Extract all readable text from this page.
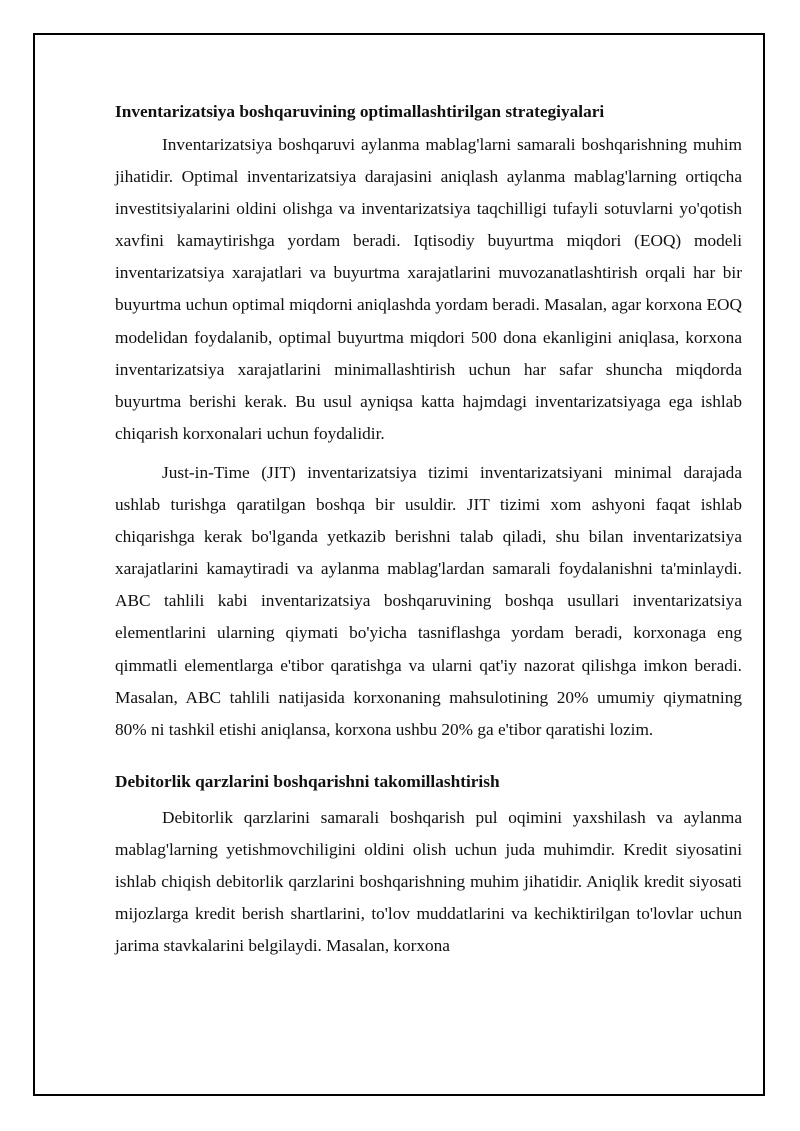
Inventarizatsiya boshqaruvining optimallashtirilgan strategiyalari

Inventarizatsiya boshqaruvi aylanma mablag'larni samarali boshqarishning muhim jihatidir. Optimal inventarizatsiya darajasini aniqlash aylanma mablag'larning ortiqcha investitsiyalarini oldini olishga va inventarizatsiya taqchilligi tufayli sotuvlarni yo'qotish xavfini kamaytirishga yordam beradi. Iqtisodiy buyurtma miqdori (EOQ) modeli inventarizatsiya xarajatlari va buyurtma xarajatlarini muvozanatlashtirish orqali har bir buyurtma uchun optimal miqdorni aniqlashda yordam beradi. Masalan, agar korxona EOQ modelidan foydalanib, optimal buyurtma miqdori 500 dona ekanligini aniqlasa, korxona inventarizatsiya xarajatlarini minimallashtirish uchun har safar shuncha miqdorda buyurtma berishi kerak. Bu usul ayniqsa katta hajmdagi inventarizatsiyaga ega ishlab chiqarish korxonalari uchun foydalidir.

Just-in-Time (JIT) inventarizatsiya tizimi inventarizatsiyani minimal darajada ushlab turishga qaratilgan boshqa bir usuldir. JIT tizimi xom ashyoni faqat ishlab chiqarishga kerak bo'lganda yetkazib berishni talab qiladi, shu bilan inventarizatsiya xarajatlarini kamaytiradi va aylanma mablag'lardan samarali foydalanishni ta'minlaydi. ABC tahlili kabi inventarizatsiya boshqaruvining boshqa usullari inventarizatsiya elementlarini ularning qiymati bo'yicha tasniflashga yordam beradi, korxonaga eng qimmatli elementlarga e'tibor qaratishga va ularni qat'iy nazorat qilishga imkon beradi. Masalan, ABC tahlili natijasida korxonaning mahsulotining 20% umumiy qiymatning 80% ni tashkil etishi aniqlansa, korxona ushbu 20% ga e'tibor qaratishi lozim.

Debitorlik qarzlarini boshqarishni takomillashtirish

Debitorlik qarzlarini samarali boshqarish pul oqimini yaxshilash va aylanma mablag'larning yetishmovchiligini oldini olish uchun juda muhimdir. Kredit siyosatini ishlab chiqish debitorlik qarzlarini boshqarishning muhim jihatidir. Aniqlik kredit siyosati mijozlarga kredit berish shartlarini, to'lov muddatlarini va kechiktirilgan to'lovlar uchun jarima stavkalarini belgilaydi. Masalan, korxona
